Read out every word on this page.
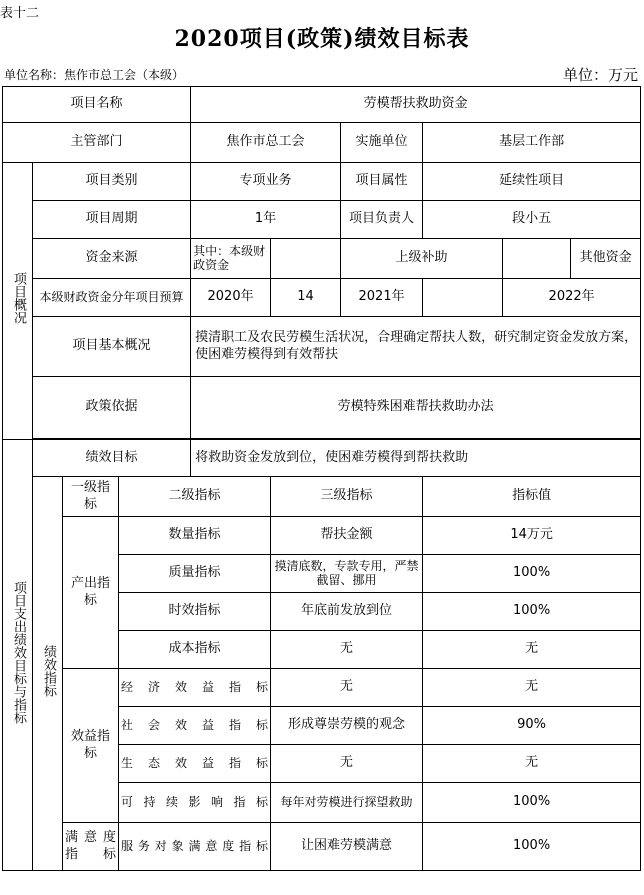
表十二
2020项目(政策)绩效目标表
单位名称：焦作市总工会（本级）	单位：万元
项目名称				劳模帮扶救助资金						
主管部门				焦作市总工会		实施单位	基层工作部			
项目概况	项目类别			专项业务		项目属性	延续性项目			
	项目周期			1年		项目负责人	段小五			
	资金来源			其中：本级财政资金		上级补助			其他资金	
	本级财政资金分年项目预算			2020年	14	2021年		2022年		
	项目基本概况			摸清职工及农民劳模生活状况，合理确定帮扶人数，研究制定资金发放方案，使困难劳模得到有效帮扶						
	政策依据			劳模特殊困难帮扶救助办法						

项目支出绩效目标与指标	绩效目标			将救助资金发放到位，使困难劳模得到帮扶救助						
	绩效指标	一级指标	二级指标		三级指标		指标值			
		产出指标	数量指标		帮扶金额		14万元			
			质量指标		摸清底数，专款专用，严禁截留、挪用		100%			
			时效指标		年底前发放到位		100%			
			成本指标		无		无			
		效益指标	经济效益指标		无		无			
			社会效益指标		形成尊崇劳模的观念		90%			
			生态效益指标		无		无			
			可持续影响指标		每年对劳模进行探望救助		100%			
		满意度指标	服务对象满意度指标		让困难劳模满意		100%			
